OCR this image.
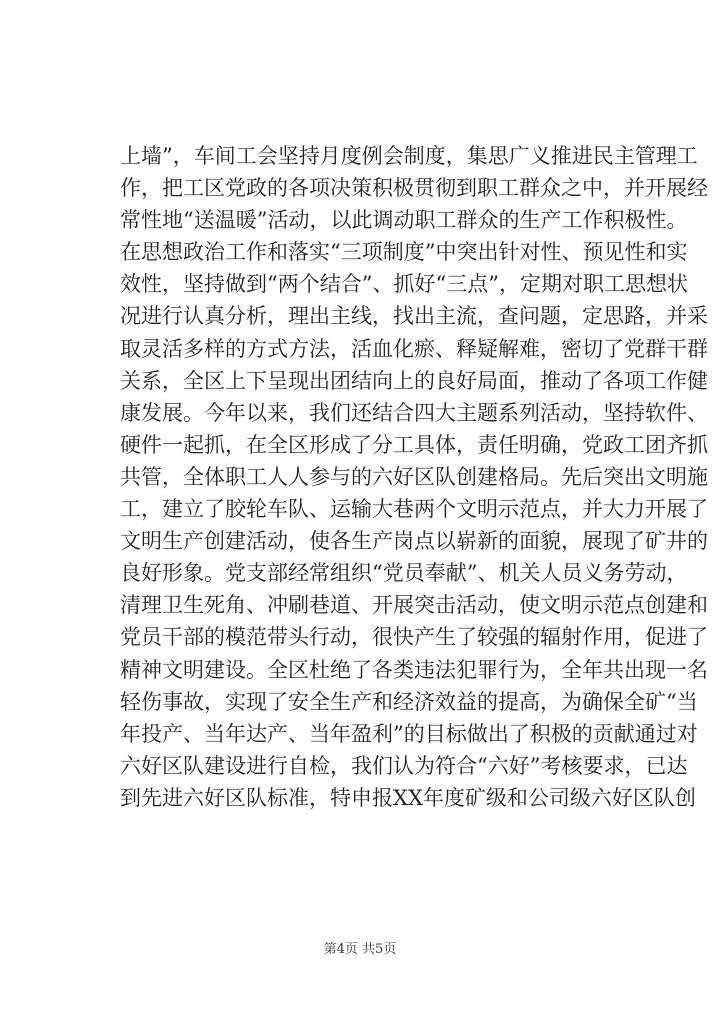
上墙”，车间工会坚持月度例会制度，集思广义推进民主管理工
作，把工区党政的各项决策积极贯彻到职工群众之中，并开展经
常性地“送温暖”活动，以此调动职工群众的生产工作积极性。
在思想政治工作和落实“三项制度”中突出针对性、预见性和实
效性，坚持做到“两个结合”、抓好“三点”，定期对职工思想状
况进行认真分析，理出主线，找出主流，查问题，定思路，并采
取灵活多样的方式方法，活血化瘀、释疑解难，密切了党群干群
关系，全区上下呈现出团结向上的良好局面，推动了各项工作健
康发展。今年以来，我们还结合四大主题系列活动，坚持软件、
硬件一起抓，在全区形成了分工具体，责任明确，党政工团齐抓
共管，全体职工人人参与的六好区队创建格局。先后突出文明施
工，建立了胶轮车队、运输大巷两个文明示范点，并大力开展了
文明生产创建活动，使各生产岗点以崭新的面貌，展现了矿井的
良好形象。党支部经常组织“党员奉献”、机关人员义务劳动，
清理卫生死角、冲刷巷道、开展突击活动，使文明示范点创建和
党员干部的模范带头行动，很快产生了较强的辐射作用，促进了
精神文明建设。全区杜绝了各类违法犯罪行为，全年共出现一名
轻伤事故，实现了安全生产和经济效益的提高，为确保全矿“当
年投产、当年达产、当年盈利”的目标做出了积极的贡献通过对
六好区队建设进行自检，我们认为符合“六好”考核要求，已达
到先进六好区队标准，特申报XX年度矿级和公司级六好区队创
第4页 共5页
